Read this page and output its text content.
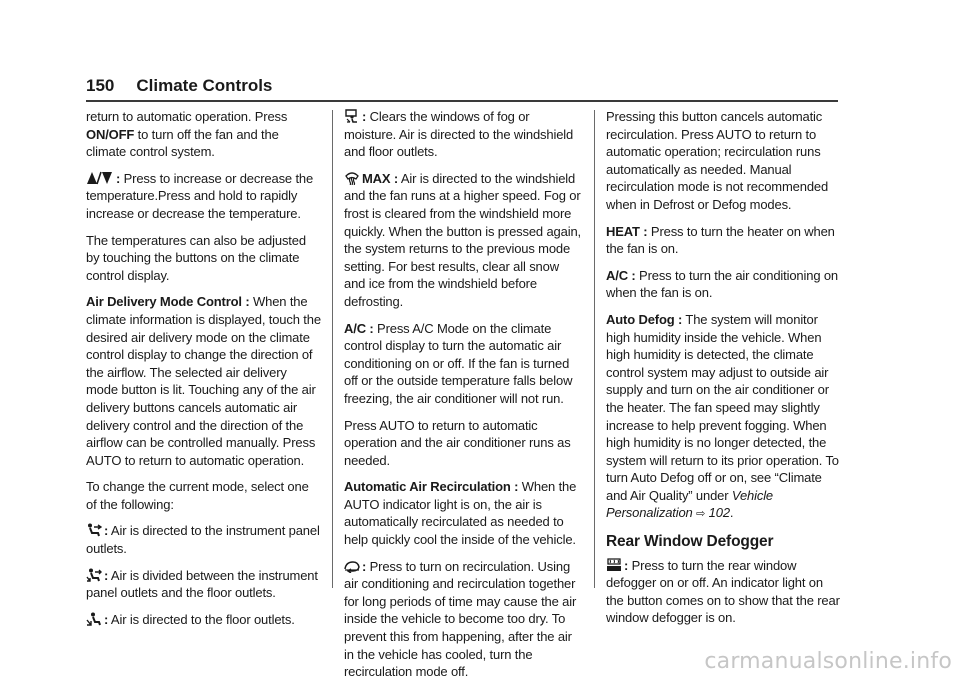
150 Climate Controls

return to automatic operation. Press ON/OFF to turn off the fan and the climate control system.

: Press to increase or decrease the temperature.Press and hold to rapidly increase or decrease the temperature.

The temperatures can also be adjusted by touching the buttons on the climate control display.

Air Delivery Mode Control : When the climate information is displayed, touch the desired air delivery mode on the climate control display to change the direction of the airflow. The selected air delivery mode button is lit. Touching any of the air delivery buttons cancels automatic air delivery control and the direction of the airflow can be controlled manually. Press AUTO to return to automatic operation.

To change the current mode, select one of the following:

: Air is directed to the instrument panel outlets.

: Air is divided between the instrument panel outlets and the floor outlets.

: Air is directed to the floor outlets.

: Clears the windows of fog or moisture. Air is directed to the windshield and floor outlets.

MAX : Air is directed to the windshield and the fan runs at a higher speed. Fog or frost is cleared from the windshield more quickly. When the button is pressed again, the system returns to the previous mode setting. For best results, clear all snow and ice from the windshield before defrosting.

A/C : Press A/C Mode on the climate control display to turn the automatic air conditioning on or off. If the fan is turned off or the outside temperature falls below freezing, the air conditioner will not run.

Press AUTO to return to automatic operation and the air conditioner runs as needed.

Automatic Air Recirculation : When the AUTO indicator light is on, the air is automatically recirculated as needed to help quickly cool the inside of the vehicle.

: Press to turn on recirculation. Using air conditioning and recirculation together for long periods of time may cause the air inside the vehicle to become too dry. To prevent this from happening, after the air in the vehicle has cooled, turn the recirculation mode off.

Pressing this button cancels automatic recirculation. Press AUTO to return to automatic operation; recirculation runs automatically as needed. Manual recirculation mode is not recommended when in Defrost or Defog modes.

HEAT : Press to turn the heater on when the fan is on.

A/C : Press to turn the air conditioning on when the fan is on.

Auto Defog : The system will monitor high humidity inside the vehicle. When high humidity is detected, the climate control system may adjust to outside air supply and turn on the air conditioner or the heater. The fan speed may slightly increase to help prevent fogging. When high humidity is no longer detected, the system will return to its prior operation. To turn Auto Defog off or on, see “Climate and Air Quality” under Vehicle Personalization ⇨ 102.

Rear Window Defogger

: Press to turn the rear window defogger on or off. An indicator light on the button comes on to show that the rear window defogger is on.

carmanualsonline.info
